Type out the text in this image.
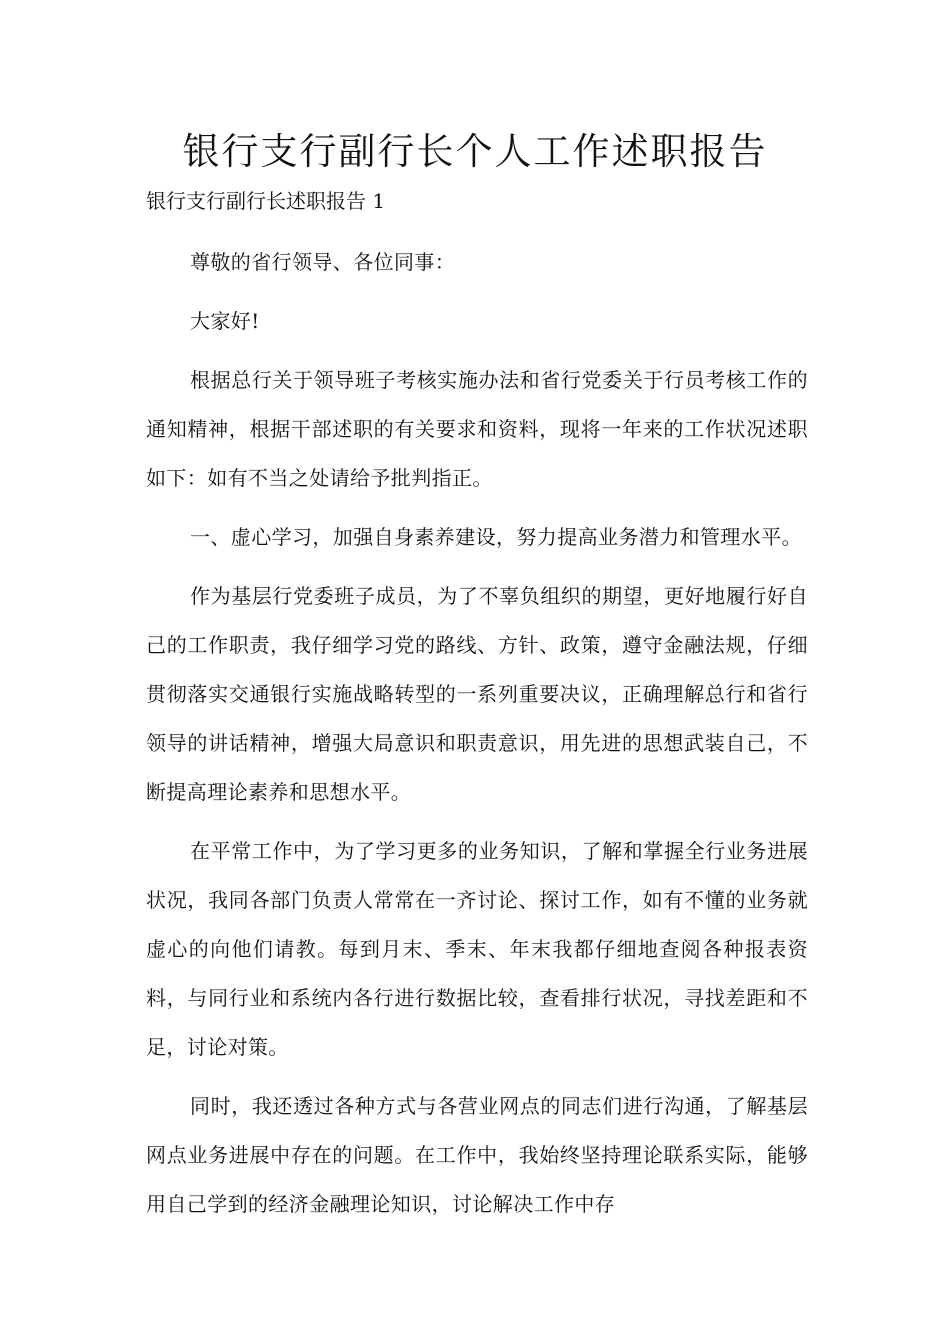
银行支行副行长个人工作述职报告

银行支行副行长述职报告 1

尊敬的省行领导、各位同事：

大家好!

根据总行关于领导班子考核实施办法和省行党委关于行员考核工作的通知精神，根据干部述职的有关要求和资料，现将一年来的工作状况述职如下：如有不当之处请给予批判指正。

一、虚心学习，加强自身素养建设，努力提高业务潜力和管理水平。

作为基层行党委班子成员，为了不辜负组织的期望，更好地履行好自己的工作职责，我仔细学习党的路线、方针、政策，遵守金融法规，仔细贯彻落实交通银行实施战略转型的一系列重要决议，正确理解总行和省行领导的讲话精神，增强大局意识和职责意识，用先进的思想武装自己，不断提高理论素养和思想水平。

在平常工作中，为了学习更多的业务知识，了解和掌握全行业务进展状况，我同各部门负责人常常在一齐讨论、探讨工作，如有不懂的业务就虚心的向他们请教。每到月末、季末、年末我都仔细地查阅各种报表资料，与同行业和系统内各行进行数据比较，查看排行状况，寻找差距和不足，讨论对策。

同时，我还透过各种方式与各营业网点的同志们进行沟通，了解基层网点业务进展中存在的问题。在工作中，我始终坚持理论联系实际，能够用自己学到的经济金融理论知识，讨论解决工作中存
